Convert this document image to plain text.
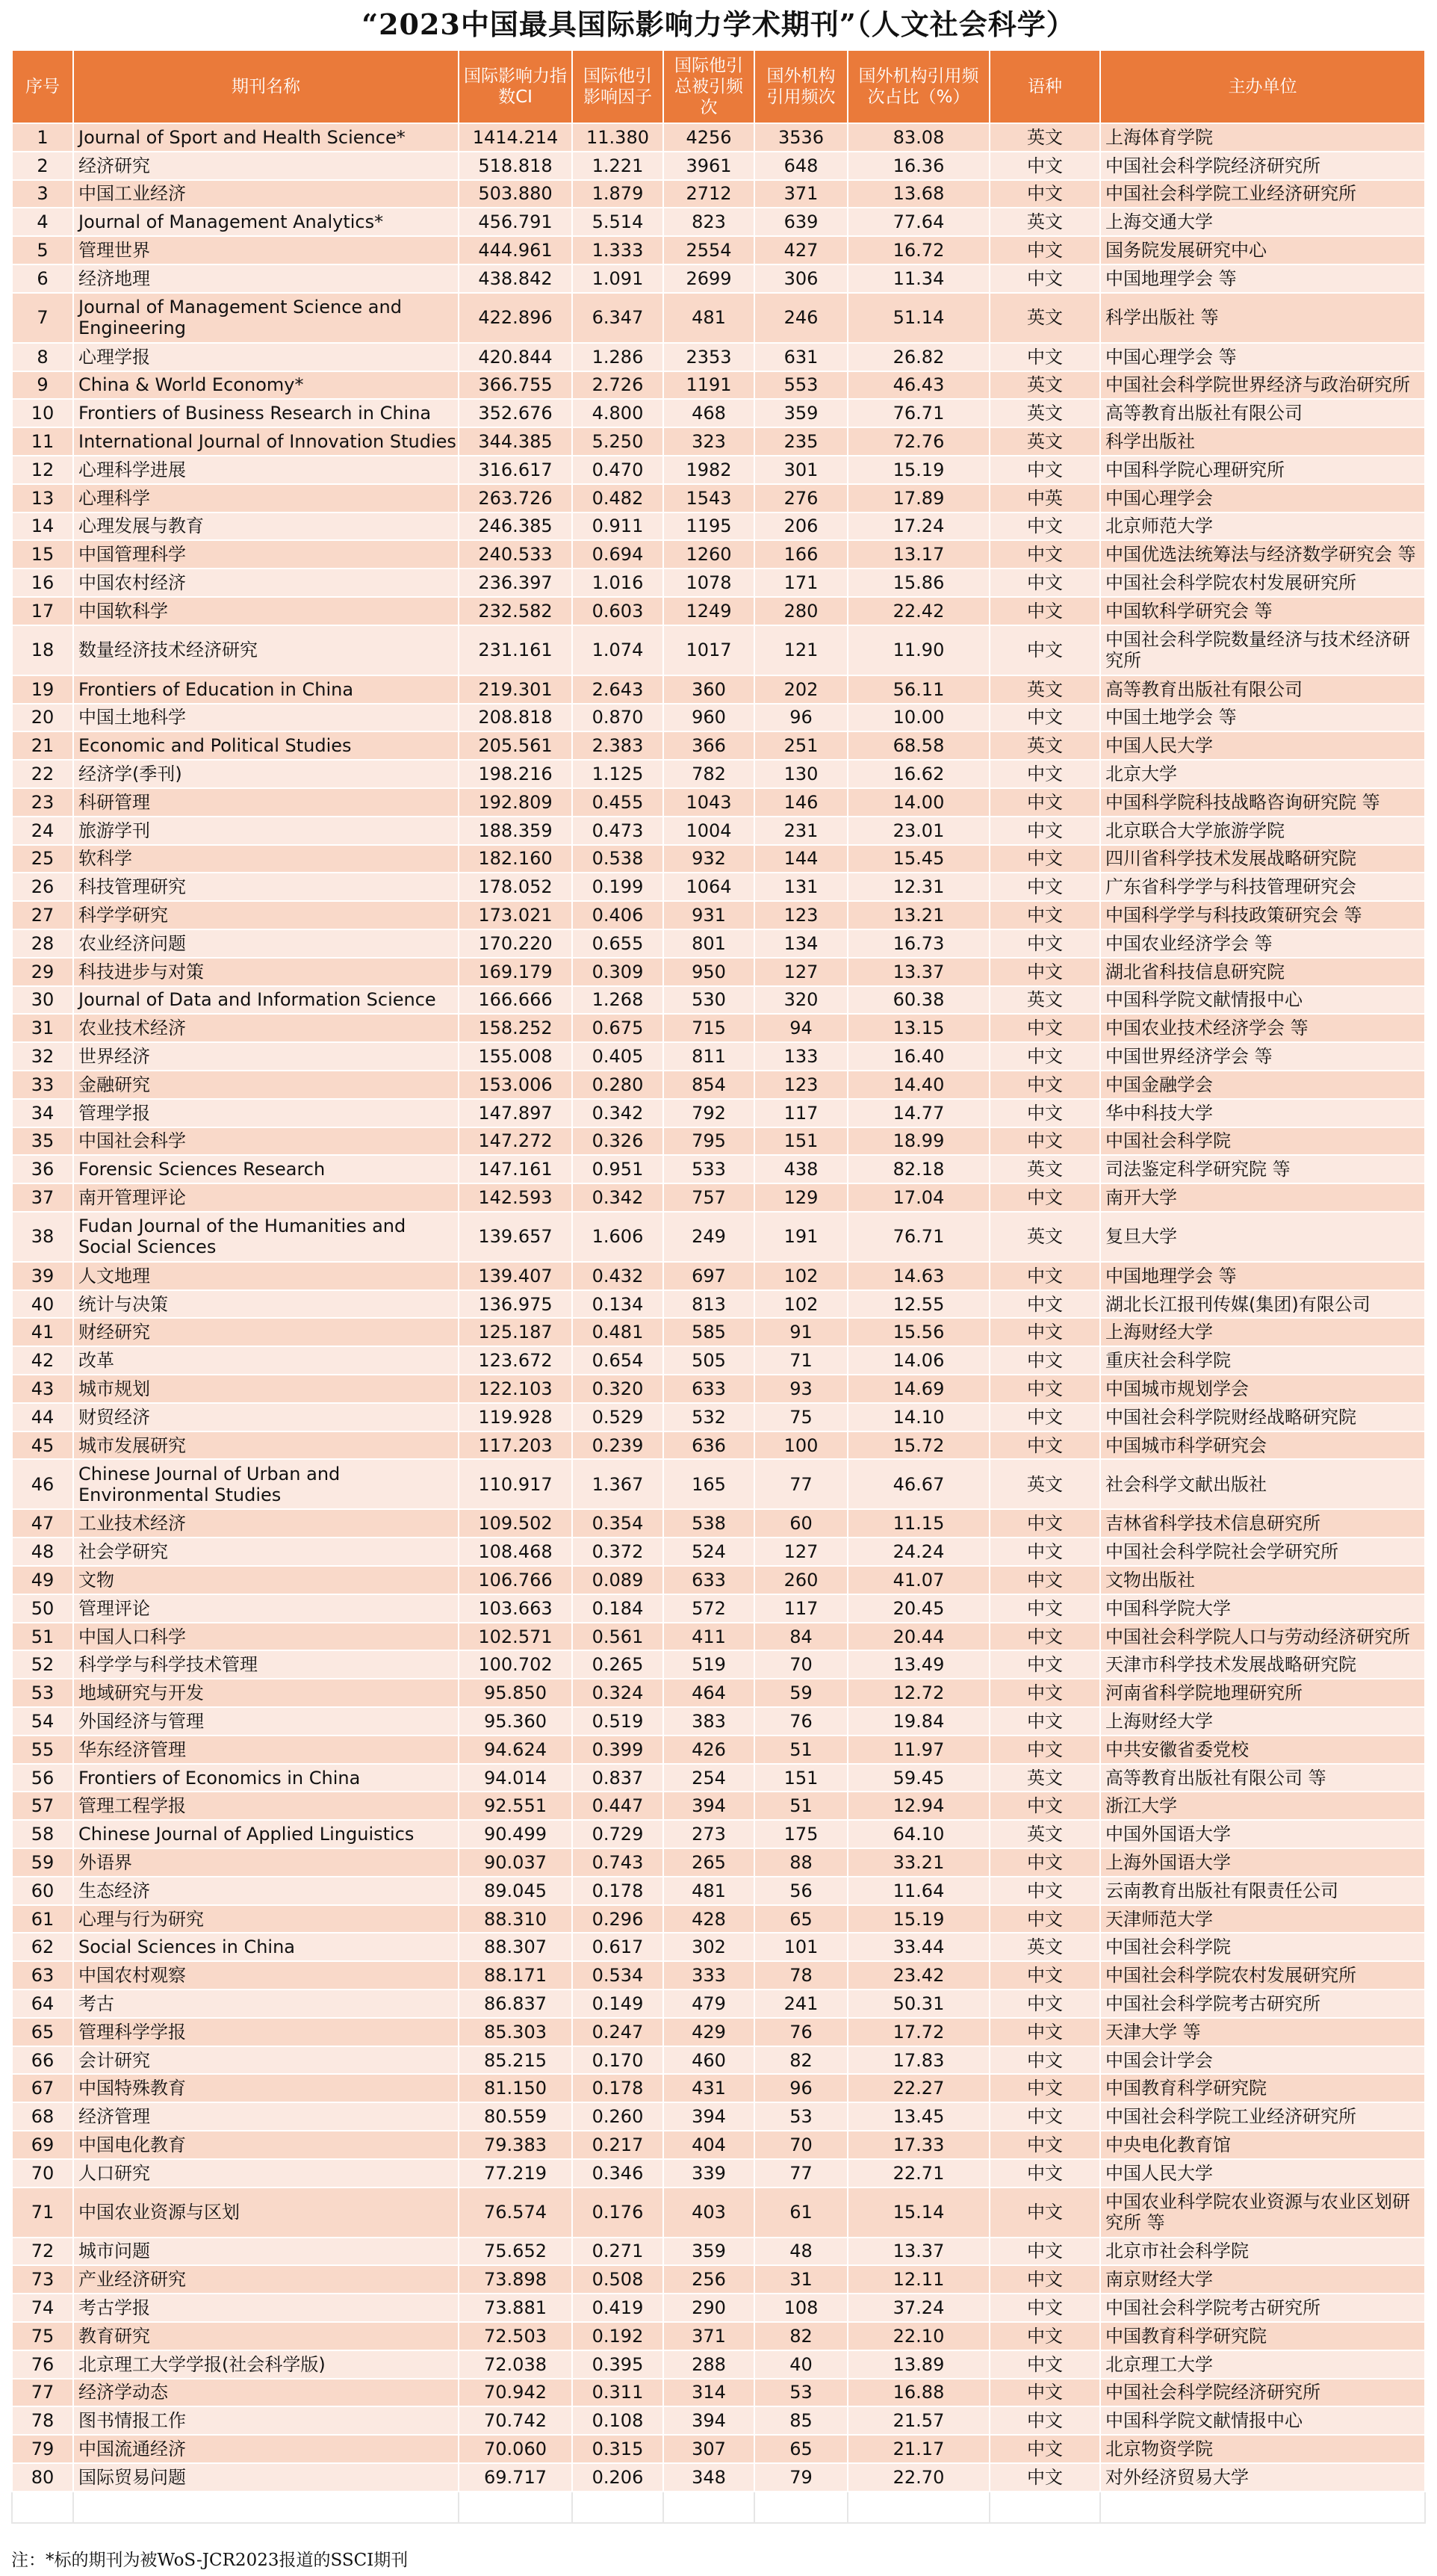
“2023中国最具国际影响力学术期刊”（人文社会科学）
序号	期刊名称	国际影响力指数CI	国际他引影响因子	国际他引总被引频次	国外机构引用频次	国外机构引用频次占比（%）	语种	主办单位
1	Journal of Sport and Health Science*	1414.214	11.380	4256	3536	83.08	英文	上海体育学院
2	经济研究	518.818	1.221	3961	648	16.36	中文	中国社会科学院经济研究所
3	中国工业经济	503.880	1.879	2712	371	13.68	中文	中国社会科学院工业经济研究所
4	Journal of Management Analytics*	456.791	5.514	823	639	77.64	英文	上海交通大学
5	管理世界	444.961	1.333	2554	427	16.72	中文	国务院发展研究中心
6	经济地理	438.842	1.091	2699	306	11.34	中文	中国地理学会 等
7	Journal of Management Science and Engineering	422.896	6.347	481	246	51.14	英文	科学出版社 等
8	心理学报	420.844	1.286	2353	631	26.82	中文	中国心理学会 等
9	China & World Economy*	366.755	2.726	1191	553	46.43	英文	中国社会科学院世界经济与政治研究所
10	Frontiers of Business Research in China	352.676	4.800	468	359	76.71	英文	高等教育出版社有限公司
11	International Journal of Innovation Studies	344.385	5.250	323	235	72.76	英文	科学出版社
12	心理科学进展	316.617	0.470	1982	301	15.19	中文	中国科学院心理研究所
13	心理科学	263.726	0.482	1543	276	17.89	中英	中国心理学会
14	心理发展与教育	246.385	0.911	1195	206	17.24	中文	北京师范大学
15	中国管理科学	240.533	0.694	1260	166	13.17	中文	中国优选法统筹法与经济数学研究会 等
16	中国农村经济	236.397	1.016	1078	171	15.86	中文	中国社会科学院农村发展研究所
17	中国软科学	232.582	0.603	1249	280	22.42	中文	中国软科学研究会 等
18	数量经济技术经济研究	231.161	1.074	1017	121	11.90	中文	中国社会科学院数量经济与技术经济研究所
19	Frontiers of Education in China	219.301	2.643	360	202	56.11	英文	高等教育出版社有限公司
20	中国土地科学	208.818	0.870	960	96	10.00	中文	中国土地学会 等
21	Economic and Political Studies	205.561	2.383	366	251	68.58	英文	中国人民大学
22	经济学(季刊)	198.216	1.125	782	130	16.62	中文	北京大学
23	科研管理	192.809	0.455	1043	146	14.00	中文	中国科学院科技战略咨询研究院 等
24	旅游学刊	188.359	0.473	1004	231	23.01	中文	北京联合大学旅游学院
25	软科学	182.160	0.538	932	144	15.45	中文	四川省科学技术发展战略研究院
26	科技管理研究	178.052	0.199	1064	131	12.31	中文	广东省科学学与科技管理研究会
27	科学学研究	173.021	0.406	931	123	13.21	中文	中国科学学与科技政策研究会 等
28	农业经济问题	170.220	0.655	801	134	16.73	中文	中国农业经济学会 等
29	科技进步与对策	169.179	0.309	950	127	13.37	中文	湖北省科技信息研究院
30	Journal of Data and Information Science	166.666	1.268	530	320	60.38	英文	中国科学院文献情报中心
31	农业技术经济	158.252	0.675	715	94	13.15	中文	中国农业技术经济学会 等
32	世界经济	155.008	0.405	811	133	16.40	中文	中国世界经济学会 等
33	金融研究	153.006	0.280	854	123	14.40	中文	中国金融学会
34	管理学报	147.897	0.342	792	117	14.77	中文	华中科技大学
35	中国社会科学	147.272	0.326	795	151	18.99	中文	中国社会科学院
36	Forensic Sciences Research	147.161	0.951	533	438	82.18	英文	司法鉴定科学研究院 等
37	南开管理评论	142.593	0.342	757	129	17.04	中文	南开大学
38	Fudan Journal of the Humanities and Social Sciences	139.657	1.606	249	191	76.71	英文	复旦大学
39	人文地理	139.407	0.432	697	102	14.63	中文	中国地理学会 等
40	统计与决策	136.975	0.134	813	102	12.55	中文	湖北长江报刊传媒(集团)有限公司
41	财经研究	125.187	0.481	585	91	15.56	中文	上海财经大学
42	改革	123.672	0.654	505	71	14.06	中文	重庆社会科学院
43	城市规划	122.103	0.320	633	93	14.69	中文	中国城市规划学会
44	财贸经济	119.928	0.529	532	75	14.10	中文	中国社会科学院财经战略研究院
45	城市发展研究	117.203	0.239	636	100	15.72	中文	中国城市科学研究会
46	Chinese Journal of Urban and Environmental Studies	110.917	1.367	165	77	46.67	英文	社会科学文献出版社
47	工业技术经济	109.502	0.354	538	60	11.15	中文	吉林省科学技术信息研究所
48	社会学研究	108.468	0.372	524	127	24.24	中文	中国社会科学院社会学研究所
49	文物	106.766	0.089	633	260	41.07	中文	文物出版社
50	管理评论	103.663	0.184	572	117	20.45	中文	中国科学院大学
51	中国人口科学	102.571	0.561	411	84	20.44	中文	中国社会科学院人口与劳动经济研究所
52	科学学与科学技术管理	100.702	0.265	519	70	13.49	中文	天津市科学技术发展战略研究院
53	地域研究与开发	95.850	0.324	464	59	12.72	中文	河南省科学院地理研究所
54	外国经济与管理	95.360	0.519	383	76	19.84	中文	上海财经大学
55	华东经济管理	94.624	0.399	426	51	11.97	中文	中共安徽省委党校
56	Frontiers of Economics in China	94.014	0.837	254	151	59.45	英文	高等教育出版社有限公司 等
57	管理工程学报	92.551	0.447	394	51	12.94	中文	浙江大学
58	Chinese Journal of Applied Linguistics	90.499	0.729	273	175	64.10	英文	中国外国语大学
59	外语界	90.037	0.743	265	88	33.21	中文	上海外国语大学
60	生态经济	89.045	0.178	481	56	11.64	中文	云南教育出版社有限责任公司
61	心理与行为研究	88.310	0.296	428	65	15.19	中文	天津师范大学
62	Social Sciences in China	88.307	0.617	302	101	33.44	英文	中国社会科学院
63	中国农村观察	88.171	0.534	333	78	23.42	中文	中国社会科学院农村发展研究所
64	考古	86.837	0.149	479	241	50.31	中文	中国社会科学院考古研究所
65	管理科学学报	85.303	0.247	429	76	17.72	中文	天津大学 等
66	会计研究	85.215	0.170	460	82	17.83	中文	中国会计学会
67	中国特殊教育	81.150	0.178	431	96	22.27	中文	中国教育科学研究院
68	经济管理	80.559	0.260	394	53	13.45	中文	中国社会科学院工业经济研究所
69	中国电化教育	79.383	0.217	404	70	17.33	中文	中央电化教育馆
70	人口研究	77.219	0.346	339	77	22.71	中文	中国人民大学
71	中国农业资源与区划	76.574	0.176	403	61	15.14	中文	中国农业科学院农业资源与农业区划研究所 等
72	城市问题	75.652	0.271	359	48	13.37	中文	北京市社会科学院
73	产业经济研究	73.898	0.508	256	31	12.11	中文	南京财经大学
74	考古学报	73.881	0.419	290	108	37.24	中文	中国社会科学院考古研究所
75	教育研究	72.503	0.192	371	82	22.10	中文	中国教育科学研究院
76	北京理工大学学报(社会科学版)	72.038	0.395	288	40	13.89	中文	北京理工大学
77	经济学动态	70.942	0.311	314	53	16.88	中文	中国社会科学院经济研究所
78	图书情报工作	70.742	0.108	394	85	21.57	中文	中国科学院文献情报中心
79	中国流通经济	70.060	0.315	307	65	21.17	中文	北京物资学院
80	国际贸易问题	69.717	0.206	348	79	22.70	中文	对外经济贸易大学

注：*标的期刊为被WoS-JCR2023报道的SSCI期刊
